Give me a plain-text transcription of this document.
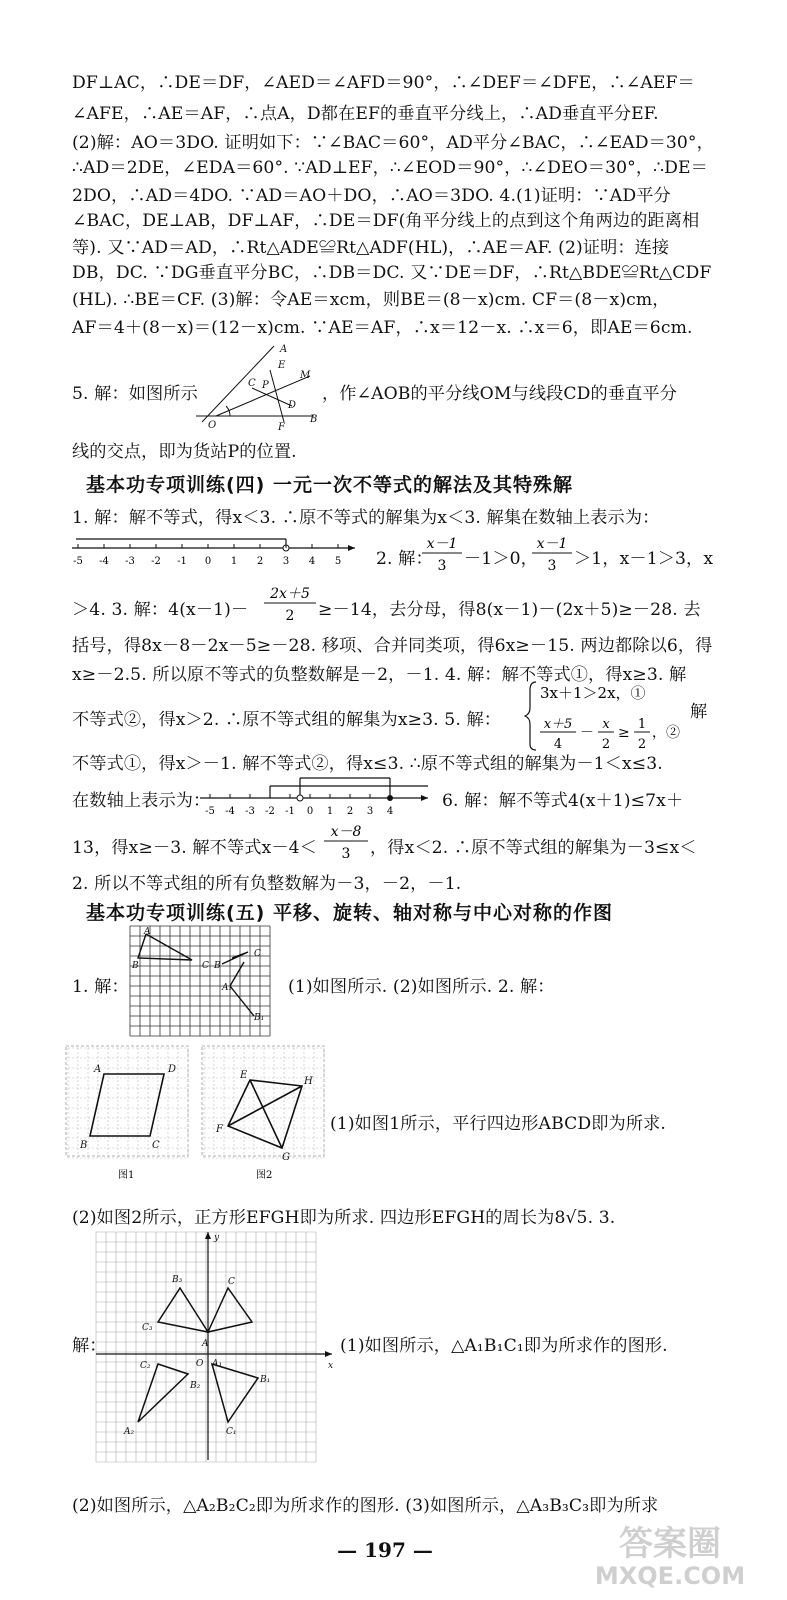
DF⊥AC，∴DE＝DF，∠AED＝∠AFD＝90°，∴∠DEF＝∠DFE，∴∠AEF＝
∠AFE，∴AE＝AF，∴点A，D都在EF的垂直平分线上，∴AD垂直平分EF.
(2)解：AO＝3DO. 证明如下：∵∠BAC＝60°，AD平分∠BAC，∴∠EAD＝30°，
∴AD＝2DE，∠EDA＝60°. ∵AD⊥EF，∴∠EOD＝90°，∴∠DEO＝30°，∴DE＝
2DO，∴AD＝4DO. ∵AD＝AO＋DO，∴AO＝3DO. 4.(1)证明：∵AD平分
∠BAC，DE⊥AB，DF⊥AF，∴DE＝DF(角平分线上的点到这个角两边的距离相
等). 又∵AD＝AD，∴Rt△ADE≌Rt△ADF(HL)，∴AE＝AF. (2)证明：连接
DB，DC. ∵DG垂直平分BC，∴DB＝DC. 又∵DE＝DF，∴Rt△BDE≌Rt△CDF
(HL). ∴BE＝CF. (3)解：令AE＝xcm，则BE＝(8－x)cm. CF＝(8－x)cm，
AF＝4＋(8－x)＝(12－x)cm. ∵AE＝AF，∴x＝12－x. ∴x＝6，即AE＝6cm.
5. 解：如图所示
A
E
C P
M
D
O	F
B
，作∠AOB的平分线OM与线段CD的垂直平分
线的交点，即为货站P的位置.
基本功专项训练(四) 一元一次不等式的解法及其特殊解
1. 解：解不等式，得x＜3. ∴原不等式的解集为x＜3. 解集在数轴上表示为：
-5 -4 -3 -2 -1 0 1 2 3 4 5 2. 解：
x－1
3 －1＞0，
x－1
3 ＞1，x－1＞3，x
＞4. 3. 解：4(x－1)－
2x＋5
2 ≥－14，去分母，得8(x－1)－(2x＋5)≥－28. 去
括号，得8x－8－2x－5≥－28. 移项、合并同类项，得6x≥－15. 两边都除以6，得
x≥－2.5. 所以原不等式的负整数解是－2，－1. 4. 解：解不等式①，得x≥3. 解
不等式②，得x＞2. ∴原不等式组的解集为x≥3. 5. 解：
3x＋1＞2x，①
x＋5
4
－
x
2
≥
1
2
，②
解
不等式①，得x＞－1. 解不等式②，得x≤3. ∴原不等式组的解集为－1＜x≤3.
在数轴上表示为：
-5 -4 -3 -2 -1 0 1 2 3 4
6. 解：解不等式4(x＋1)≤7x＋
13，得x≥－3. 解不等式x－4＜
x－8
3 ，得x＜2. ∴原不等式组的解集为－3≤x＜
2. 所以不等式组的所有负整数解为－3，－2，－1.
基本功专项训练(五) 平移、旋转、轴对称与中心对称的作图
1. 解：
A
B	C B
C
A₁
B₁
(1)如图所示. (2)如图所示. 2. 解：
A	D
B	C
图1
E
H
F
G
图2
(1)如图1所示，平行四边形ABCD即为所求.
(2)如图2所示，正方形EFGH即为所求. 四边形EFGH的周长为8√5. 3.
解：
B₃	C
C₃
A
O A₁
C₂
B₁
A₂
B₂
C₁
x
y
(1)如图所示，△A₁B₁C₁即为所求作的图形.
(2)如图所示，△A₂B₂C₂即为所求作的图形. (3)如图所示，△A₃B₃C₃即为所求
— 197 —	答案圈
MXQE.COM
